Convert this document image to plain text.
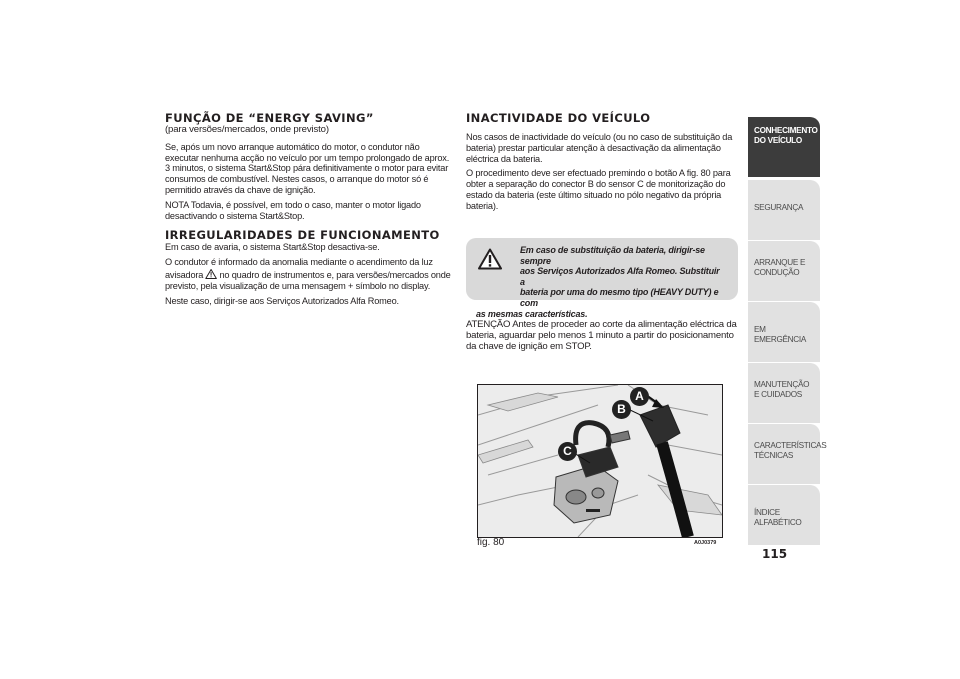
FUNÇÃO DE “ENERGY SAVING”
(para versões/mercados, onde previsto)

Se, após um novo arranque automático do motor, o condutor não executar nenhuma acção no veículo por um tempo prolongado de aprox. 3 minutos, o sistema Start&Stop pára definitivamente o motor para evitar consumos de combustível. Nestes casos, o arranque do motor só é permitido através da chave de ignição.

NOTA Todavia, é possível, em todo o caso, manter o motor ligado desactivando o sistema Start&Stop.

IRREGULARIDADES DE FUNCIONAMENTO

Em caso de avaria, o sistema Start&Stop desactiva-se.

O condutor é informado da anomalia mediante o acendimento da luz avisadora no quadro de instrumentos e, para versões/mercados onde previsto, pela visualização de uma mensagem + símbolo no display.

Neste caso, dirigir-se aos Serviços Autorizados Alfa Romeo.

INACTIVIDADE DO VEÍCULO

Nos casos de inactividade do veículo (ou no caso de substituição da bateria) prestar particular atenção à desactivação da alimentação eléctrica da bateria.

O procedimento deve ser efectuado premindo o botão A fig. 80 para obter a separação do conector B do sensor C de monitorização do estado da bateria (este último situado no pólo negativo da própria bateria).

Em caso de substituição da bateria, dirigir-se sempre
aos Serviços Autorizados Alfa Romeo. Substituir a
bateria por uma do mesmo tipo (HEAVY DUTY) e com
as mesmas características.

ATENÇÃO Antes de proceder ao corte da alimentação eléctrica da bateria, aguardar pelo menos 1 minuto a partir do posicionamento da chave de ignição em STOP.

A
B
C
fig. 80	A0J0379
CONHECIMENTO DO VEÍCULO
SEGURANÇA
ARRANQUE E CONDUÇÃO
EM EMERGÊNCIA
MANUTENÇÃO E CUIDADOS
CARACTERÍSTICAS TÉCNICAS
ÍNDICE ALFABÉTICO
115
